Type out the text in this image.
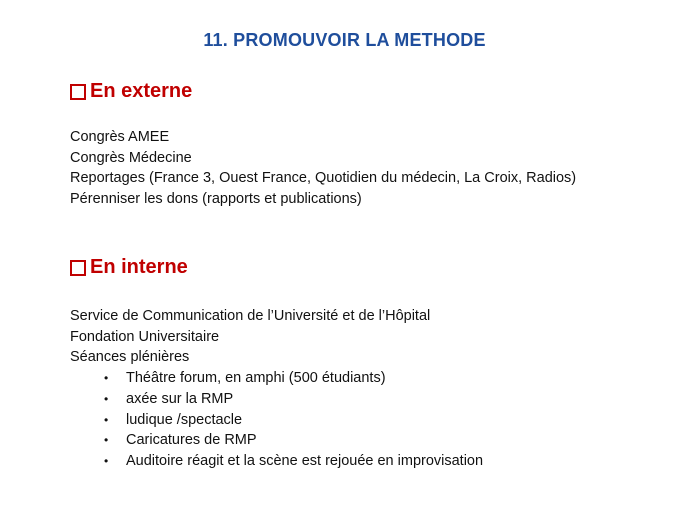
11. PROMOUVOIR LA METHODE
En externe
Congrès AMEE
Congrès Médecine
Reportages (France 3, Ouest France, Quotidien du médecin, La Croix, Radios)
Pérenniser les dons (rapports et publications)
En interne
Service de Communication de l’Université et de l’Hôpital
Fondation Universitaire
Séances plénières
•	Théâtre forum, en amphi (500 étudiants)
•	axée sur la RMP
•	ludique /spectacle
•	Caricatures de RMP
•	Auditoire réagit et la scène est rejouée en improvisation
